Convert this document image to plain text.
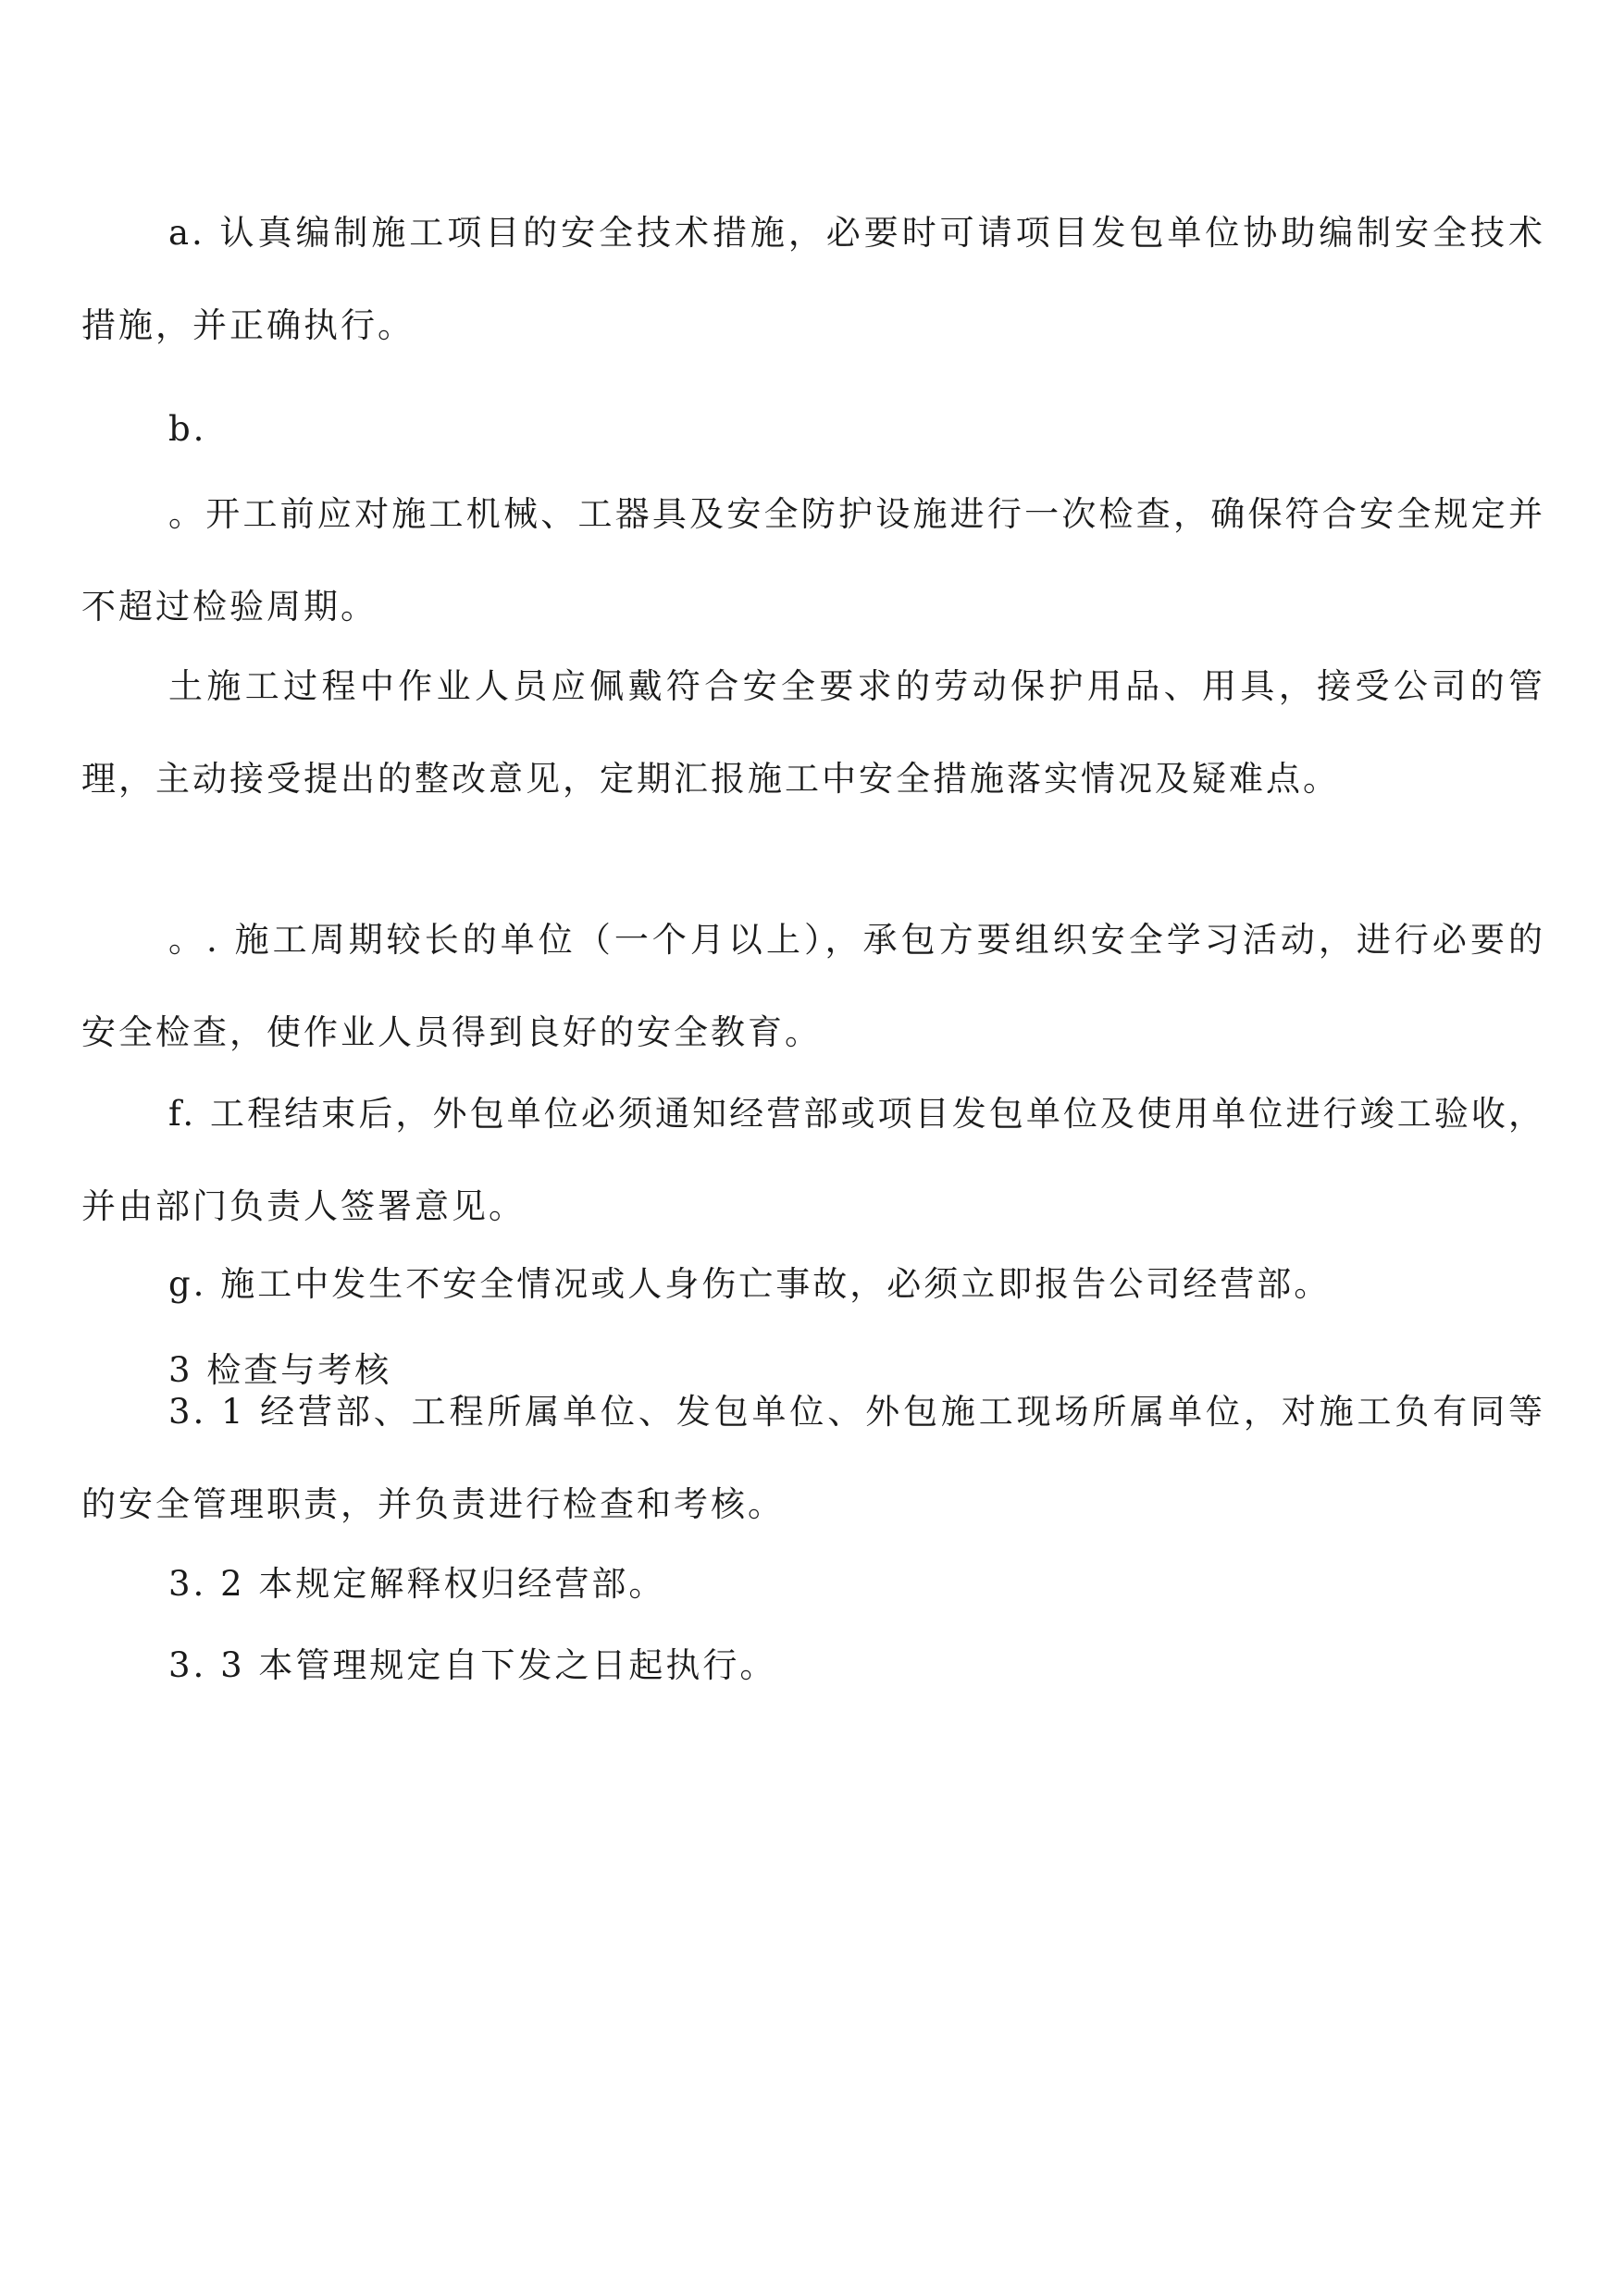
a. 认真编制施工项目的安全技术措施，必要时可请项目发包单位协助编制安全技术措施，并正确执行。
b.
。开工前应对施工机械、工器具及安全防护设施进行一次检查，确保符合安全规定并不超过检验周期。
土施工过程中作业人员应佩戴符合安全要求的劳动保护用品、用具，接受公司的管理，主动接受提出的整改意见，定期汇报施工中安全措施落实情况及疑难点。
。. 施工周期较长的单位（一个月以上），承包方要组织安全学习活动，进行必要的安全检查，使作业人员得到良好的安全教育。
f. 工程结束后，外包单位必须通知经营部或项目发包单位及使用单位进行竣工验收，并由部门负责人签署意见。
g. 施工中发生不安全情况或人身伤亡事故，必须立即报告公司经营部。
3 检查与考核
3. 1 经营部、工程所属单位、发包单位、外包施工现场所属单位，对施工负有同等的安全管理职责，并负责进行检查和考核。
3. 2 本规定解释权归经营部。
3. 3 本管理规定自下发之日起执行。
